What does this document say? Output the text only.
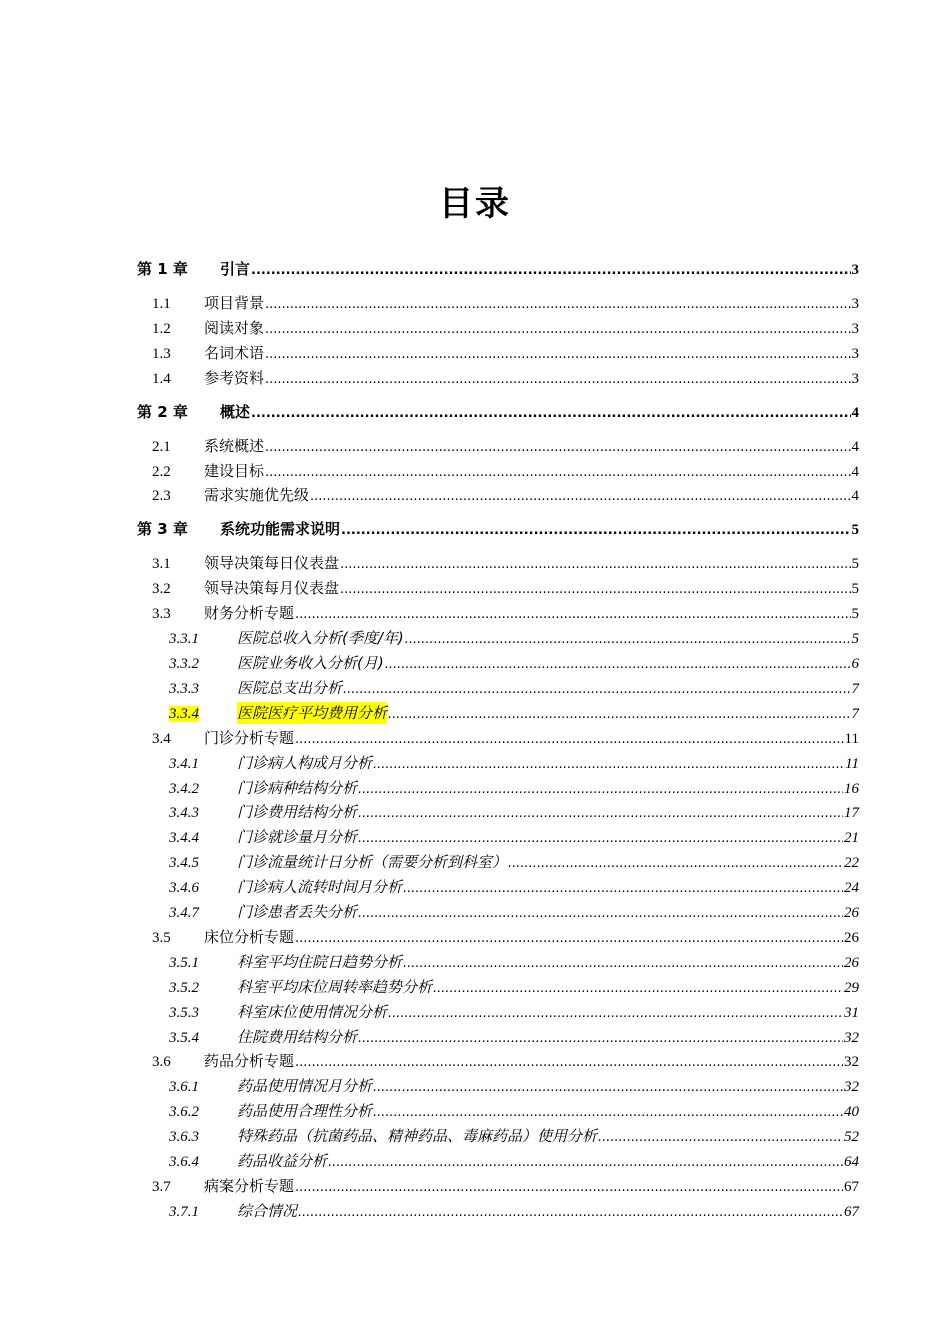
目录
第 1 章	引言 .....	3
1.1	项目背景 .....	3
1.2	阅读对象 .....	3
1.3	名词术语 .....	3
1.4	参考资料 .....	3
第 2 章	概述 .....	4
2.1	系统概述 .....	4
2.2	建设目标 .....	4
2.3	需求实施优先级 .....	4
第 3 章	系统功能需求说明 .....	5
3.1	领导决策每日仪表盘 .....	5
3.2	领导决策每月仪表盘 .....	5
3.3	财务分析专题 .....	5
3.3.1	医院总收入分析(季度/年) .....	5
3.3.2	医院业务收入分析(月) .....	6
3.3.3	医院总支出分析 .....	7
3.3.4	医院医疗平均费用分析 .....	7
3.4	门诊分析专题 .....	11
3.4.1	门诊病人构成月分析 .....	11
3.4.2	门诊病种结构分析 .....	16
3.4.3	门诊费用结构分析 .....	17
3.4.4	门诊就诊量月分析 .....	21
3.4.5	门诊流量统计日分析（需要分析到科室） .....	22
3.4.6	门诊病人流转时间月分析 .....	24
3.4.7	门诊患者丢失分析 .....	26
3.5	床位分析专题 .....	26
3.5.1	科室平均住院日趋势分析 .....	26
3.5.2	科室平均床位周转率趋势分析 .....	29
3.5.3	科室床位使用情况分析 .....	31
3.5.4	住院费用结构分析 .....	32
3.6	药品分析专题 .....	32
3.6.1	药品使用情况月分析 .....	32
3.6.2	药品使用合理性分析 .....	40
3.6.3	特殊药品（抗菌药品、精神药品、毒麻药品）使用分析 .....	52
3.6.4	药品收益分析 .....	64
3.7	病案分析专题 .....	67
3.7.1	综合情况 .....	67
